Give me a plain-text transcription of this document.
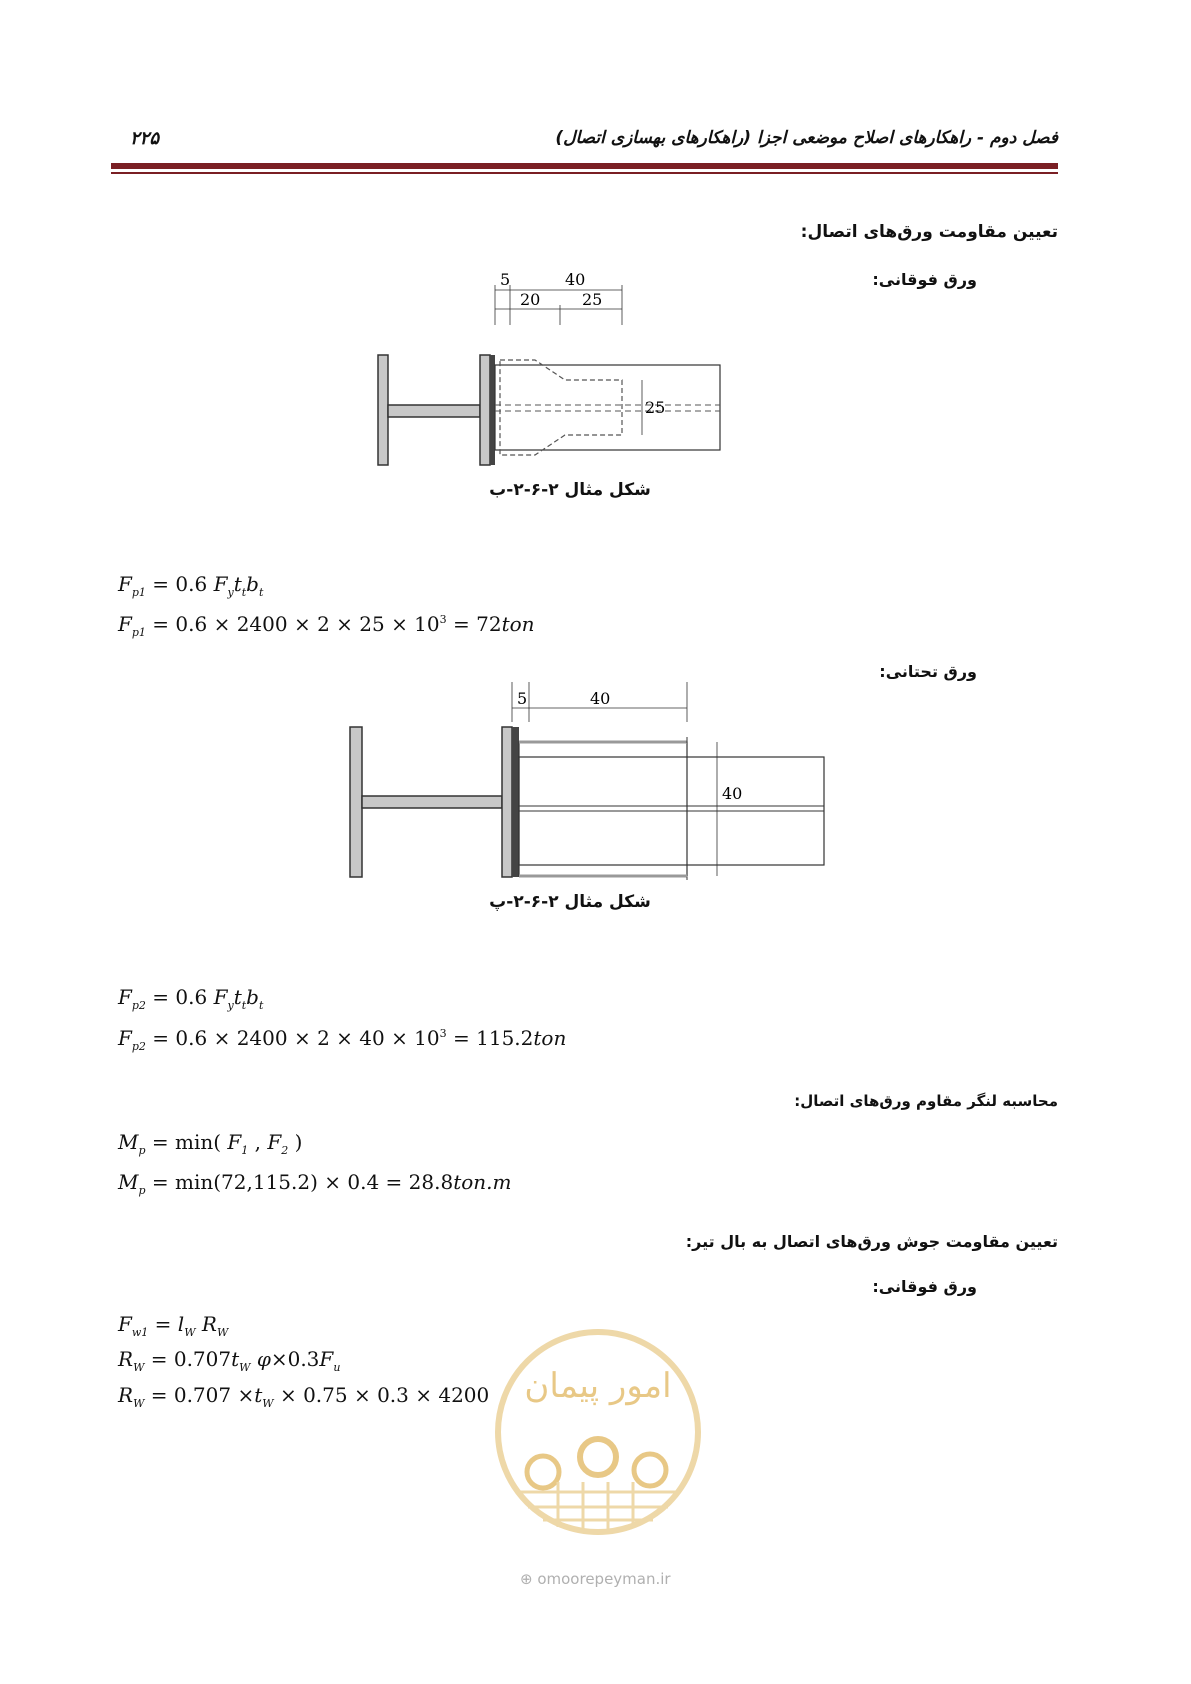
فصل دوم - راهکارهای اصلاح موضعی اجزا (راهکارهای بهسازی اتصال)
۲۲۵
تعیین مقاومت ورق‌های اتصال:
ورق فوقانی:
5	40
20	25
25
شکل مثال ۲-۶-۲-ب
$F_{p1} = 0.6$ $F_yt_tb_t$
$F_{p1} = 0.6 \times 2400 \times 2 \times 25 \times 10^3 = 72ton$
ورق تحتانی:
5	40
40
شکل مثال ۲-۶-۲-پ
$F_{p2} = 0.6$ $F_yt_tb_t$
$F_{p2} = 0.6 \times 2400 \times 2 \times 40 \times 10^3 = 115.2ton$
محاسبه لنگر مقاوم ورق‌های اتصال:
$M_p = \min$( $F_1$ , $F_2$ )
$M_p = \min(72,115.2) \times 0.4 = 28.8ton.m$
تعیین مقاومت جوش ورق‌های اتصال به بال تیر:
ورق فوقانی:
$F_{w1} = l_W$ $R_W$
$R_W = 0.707t_W$ $\varphi\times 0.3F_u$
$R_W = 0.707 \times t_W \times 0.75 \times 0.3 \times 4200$ امور پیمان
⊕ omoorepeyman.ir
